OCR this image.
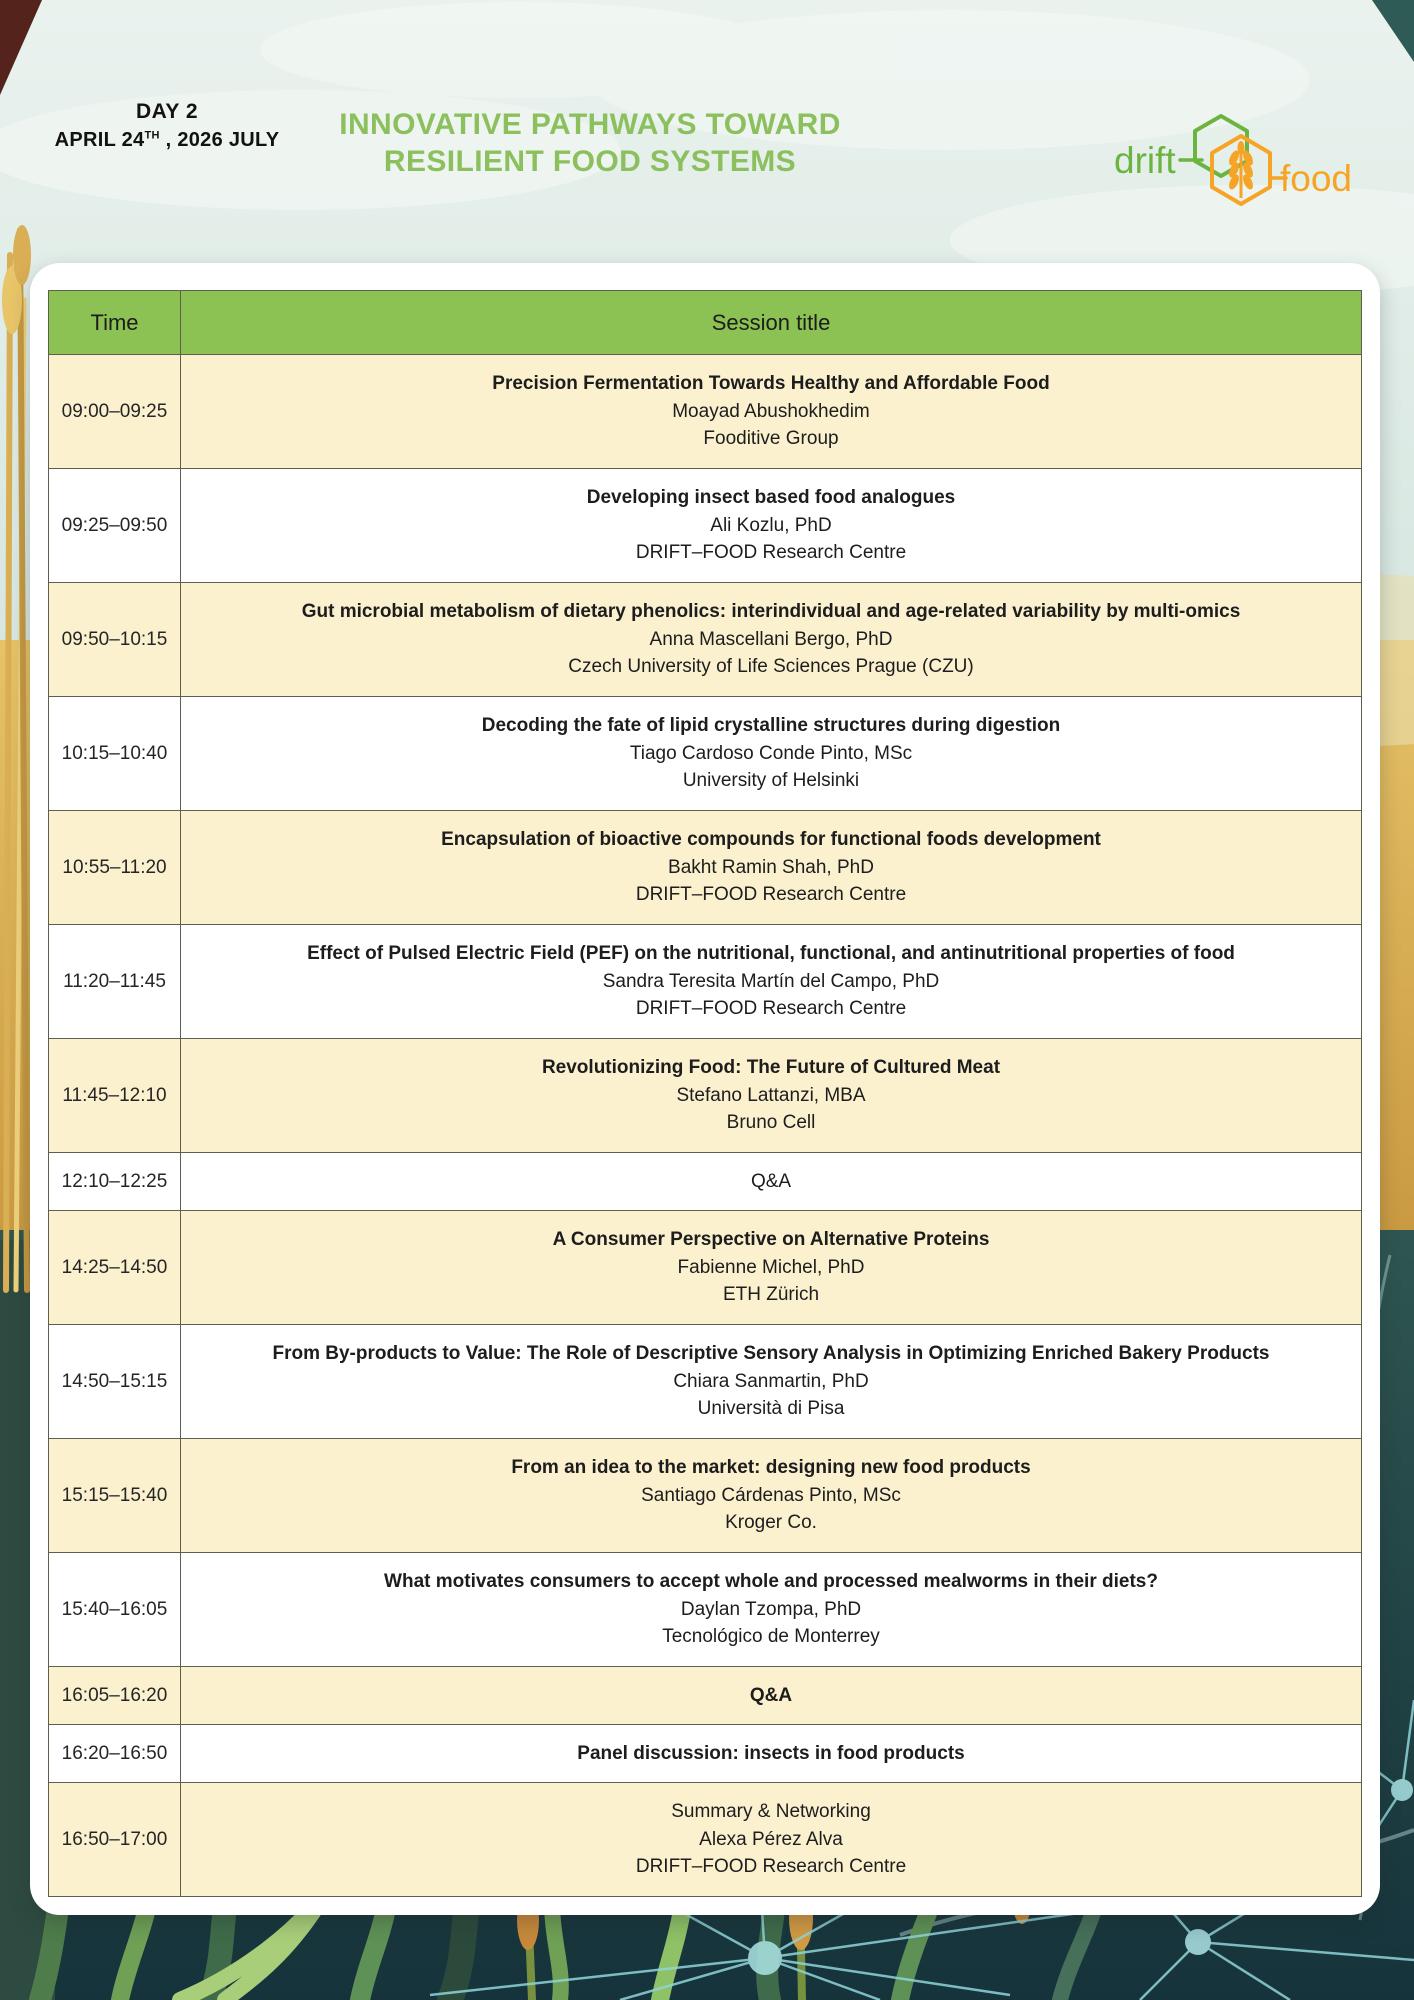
DAY 2
APRIL 24TH , 2026 JULY	INNOVATIVE PATHWAYS TOWARD
RESILIENT FOOD SYSTEMS	drift	food
Time	Session title
09:00–09:25
Precision Fermentation Towards Healthy and Affordable Food
Moayad Abushokhedim
Fooditive Group
09:25–09:50
Developing insect based food analogues
Ali Kozlu, PhD
DRIFT–FOOD Research Centre
09:50–10:15
Gut microbial metabolism of dietary phenolics: interindividual and age-related variability by multi-omics
Anna Mascellani Bergo, PhD
Czech University of Life Sciences Prague (CZU)
10:15–10:40
Decoding the fate of lipid crystalline structures during digestion
Tiago Cardoso Conde Pinto, MSc
University of Helsinki
10:55–11:20
Encapsulation of bioactive compounds for functional foods development
Bakht Ramin Shah, PhD
DRIFT–FOOD Research Centre
11:20–11:45
Effect of Pulsed Electric Field (PEF) on the nutritional, functional, and antinutritional properties of food
Sandra Teresita Martín del Campo, PhD
DRIFT–FOOD Research Centre
11:45–12:10
Revolutionizing Food: The Future of Cultured Meat
Stefano Lattanzi, MBA
Bruno Cell
12:10–12:25	Q&A
14:25–14:50
A Consumer Perspective on Alternative Proteins
Fabienne Michel, PhD
ETH Zürich
14:50–15:15
From By-products to Value: The Role of Descriptive Sensory Analysis in Optimizing Enriched Bakery Products
Chiara Sanmartin, PhD
Università di Pisa
15:15–15:40
From an idea to the market: designing new food products
Santiago Cárdenas Pinto, MSc
Kroger Co.
15:40–16:05
What motivates consumers to accept whole and processed mealworms in their diets?
Daylan Tzompa, PhD
Tecnológico de Monterrey
16:05–16:20	Q&A
16:20–16:50	Panel discussion: insects in food products
16:50–17:00
Summary & Networking
Alexa Pérez Alva
DRIFT–FOOD Research Centre
